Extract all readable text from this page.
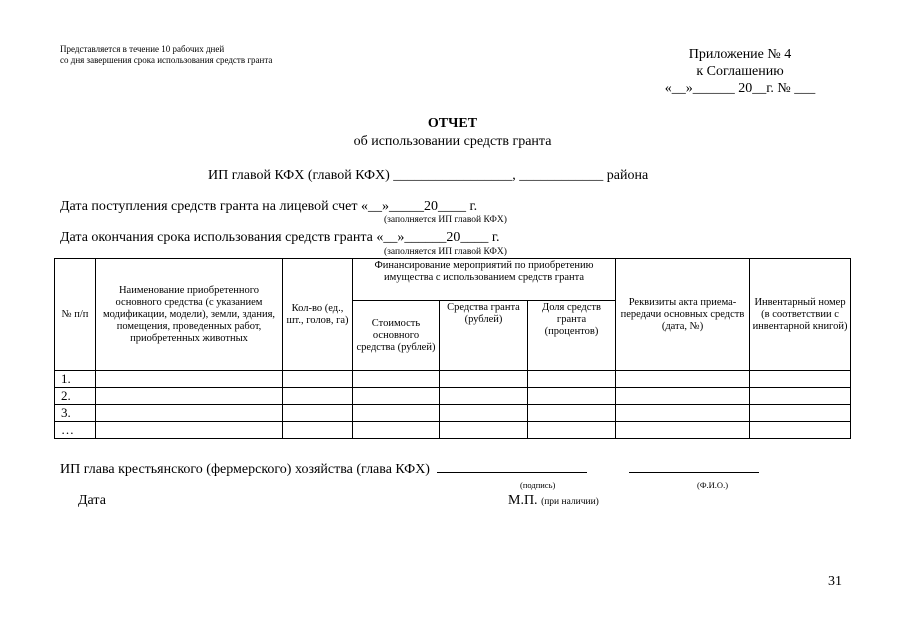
Представляется в течение 10 рабочих дней
со дня завершения срока использования средств гранта	Приложение № 4
к Соглашению
«__»______ 20__г. № ___
ОТЧЕТ
об использовании средств гранта
ИП главой КФХ (главой КФХ) _________________, ____________ района
Дата поступления средств гранта на лицевой счет «__»_____20____ г.
(заполняется ИП главой КФХ)
Дата окончания срока использования средств гранта «__»______20____ г.
(заполняется ИП главой КФХ)
№ п/п	Наименование приобретенного основного средства (с указанием модификации, модели), земли, здания, помещения, проведенных работ, приобретенных животных	Кол-во (ед., шт., голов, га)	Финансирование мероприятий по приобретению имущества с использованием средств гранта			Реквизиты акта приема-передачи основных средств (дата, №)	Инвентарный номер (в соответствии с инвентарной книгой)
			Стоимость основного средства (рублей)	Средства гранта (рублей)	Доля средств гранта (процентов)		
1.							
2.							
3.							
…							
ИП глава крестьянского (фермерского) хозяйства (глава КФХ)
(подпись)	(Ф.И.О.)
Дата	М.П. (при наличии)
31
